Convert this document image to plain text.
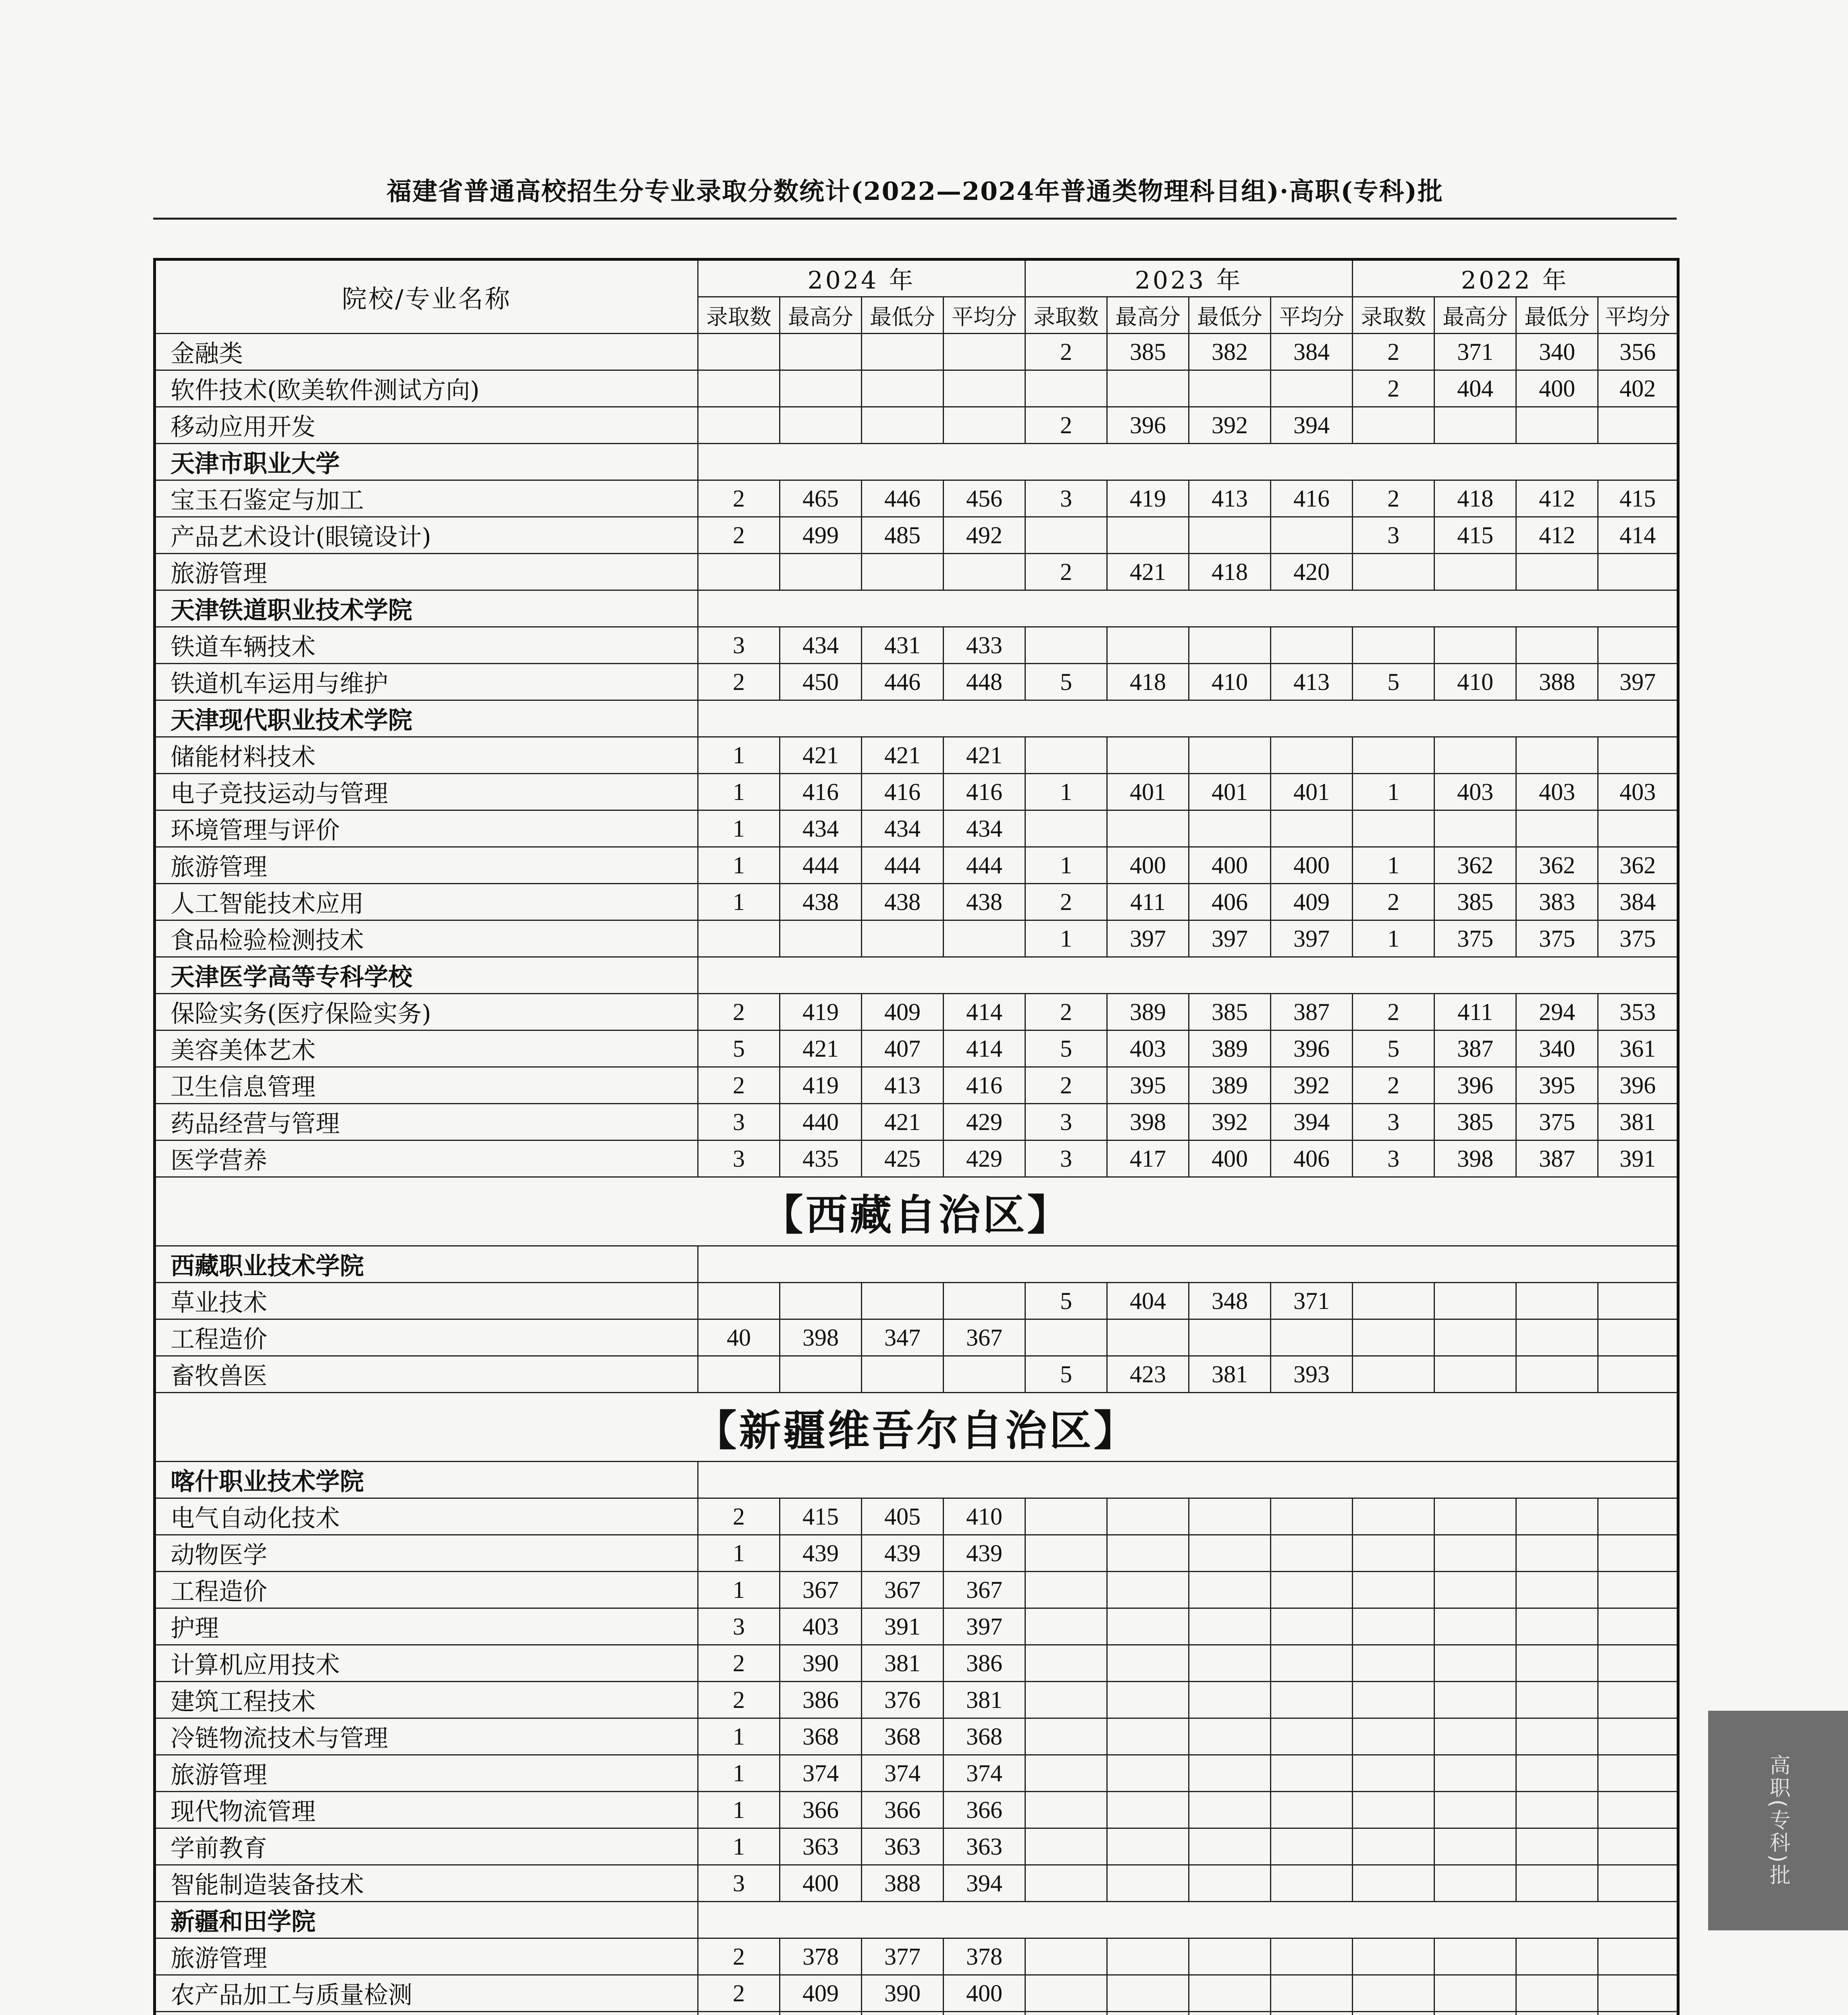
福建省普通高校招生分专业录取分数统计(2022—2024年普通类物理科目组)·高职(专科)批
院校/专业名称	2024 年				2023 年				2022 年			
	录取数	最高分	最低分	平均分	录取数	最高分	最低分	平均分	录取数	最高分	最低分	平均分
金融类					2	385	382	384	2	371	340	356
软件技术(欧美软件测试方向)									2	404	400	402
移动应用开发					2	396	392	394				
天津市职业大学												
宝玉石鉴定与加工	2	465	446	456	3	419	413	416	2	418	412	415
产品艺术设计(眼镜设计)	2	499	485	492					3	415	412	414
旅游管理					2	421	418	420				
天津铁道职业技术学院												
铁道车辆技术	3	434	431	433								
铁道机车运用与维护	2	450	446	448	5	418	410	413	5	410	388	397
天津现代职业技术学院												
储能材料技术	1	421	421	421								
电子竞技运动与管理	1	416	416	416	1	401	401	401	1	403	403	403
环境管理与评价	1	434	434	434								
旅游管理	1	444	444	444	1	400	400	400	1	362	362	362
人工智能技术应用	1	438	438	438	2	411	406	409	2	385	383	384
食品检验检测技术					1	397	397	397	1	375	375	375
天津医学高等专科学校												
保险实务(医疗保险实务)	2	419	409	414	2	389	385	387	2	411	294	353
美容美体艺术	5	421	407	414	5	403	389	396	5	387	340	361
卫生信息管理	2	419	413	416	2	395	389	392	2	396	395	396
药品经营与管理	3	440	421	429	3	398	392	394	3	385	375	381
医学营养	3	435	425	429	3	417	400	406	3	398	387	391
【西藏自治区】												
西藏职业技术学院												
草业技术					5	404	348	371				
工程造价	40	398	347	367								
畜牧兽医					5	423	381	393				
【新疆维吾尔自治区】												
喀什职业技术学院												
电气自动化技术	2	415	405	410								
动物医学	1	439	439	439								
工程造价	1	367	367	367								
护理	3	403	391	397								
计算机应用技术	2	390	381	386								
建筑工程技术	2	386	376	381								
冷链物流技术与管理	1	368	368	368								
旅游管理	1	374	374	374								
现代物流管理	1	366	366	366								
学前教育	1	363	363	363								
智能制造装备技术	3	400	388	394								
新疆和田学院												
旅游管理	2	378	377	378								
农产品加工与质量检测	2	409	390	400								

高职(专科)批
